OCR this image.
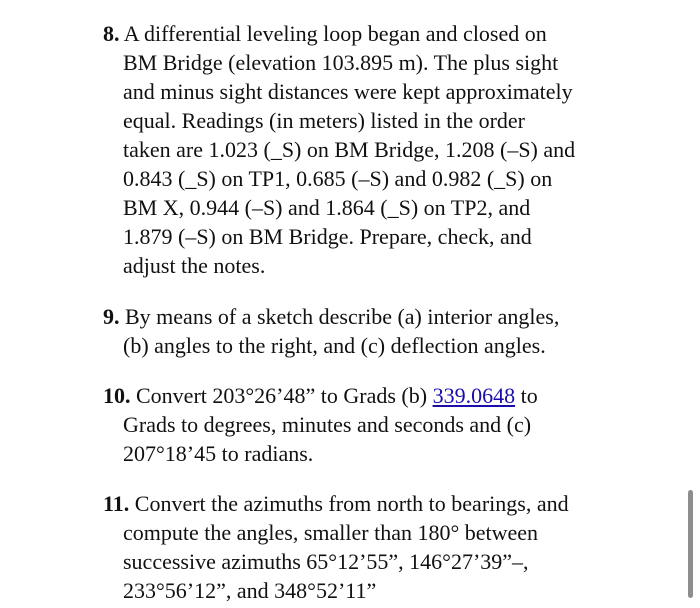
8. A differential leveling loop began and closed on
BM Bridge (elevation 103.895 m). The plus sight
and minus sight distances were kept approximately
equal. Readings (in meters) listed in the order
taken are 1.023 (_S) on BM Bridge, 1.208 (–S) and
0.843 (_S) on TP1, 0.685 (–S) and 0.982 (_S) on
BM X, 0.944 (–S) and 1.864 (_S) on TP2, and
1.879 (–S) on BM Bridge. Prepare, check, and
adjust the notes.
9. By means of a sketch describe (a) interior angles,
(b) angles to the right, and (c) deflection angles.
10. Convert 203°26’48” to Grads (b) 339.0648 to
Grads to degrees, minutes and seconds and (c)
207°18’45 to radians.
11. Convert the azimuths from north to bearings, and
compute the angles, smaller than 180° between
successive azimuths 65°12’55”, 146°27’39”–,
233°56’12”, and 348°52’11”
